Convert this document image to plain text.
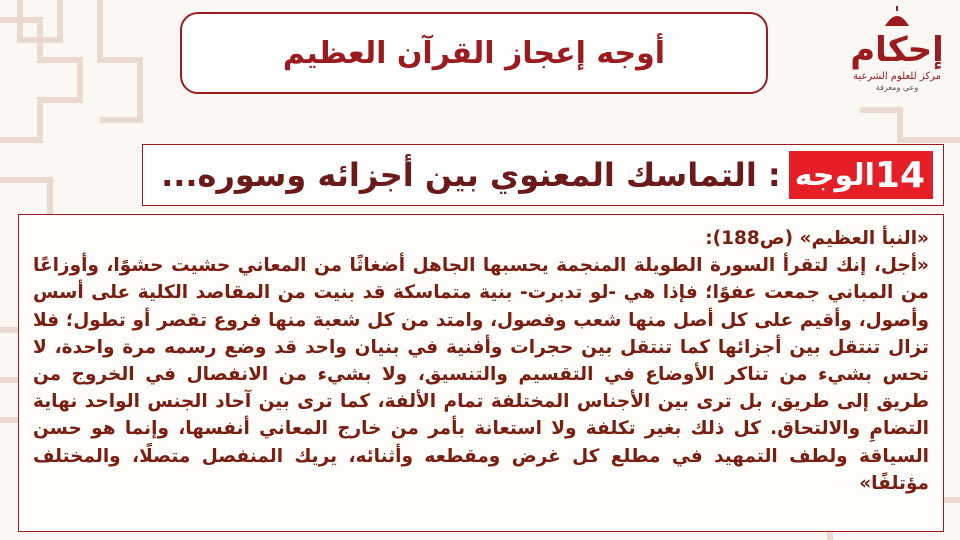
إحكام
مركز للعلوم الشرعية
وعي ومعرفة
أوجه إعجاز القرآن العظيم
الوجه 14
: التماسك المعنوي بين أجزائه وسوره...

«النبأ العظيم» (ص188):
«أجل، إنك لتقرأ السورة الطويلة المنجمة يحسبها الجاهل أضغاثًا من المعاني حشيت حشوًا، وأوزاعًا من المباني جمعت عفوًا؛ فإذا هي -لو تدبرت- بنية متماسكة قد بنيت من المقاصد الكلية على أسس وأصول، وأقيم على كل أصل منها شعب وفصول، وامتد من كل شعبة منها فروع تقصر أو تطول؛ فلا تزال تنتقل بين أجزائها كما تنتقل بين حجرات وأفنية في بنيان واحد قد وضع رسمه مرة واحدة، لا تحس بشيء من تناكر الأوضاع في التقسيم والتنسيق، ولا بشيء من الانفصال في الخروج من طريق إلى طريق، بل ترى بين الأجناس المختلفة تمام الألفة، كما ترى بين آحاد الجنس الواحد نهاية التضامِ والالتحاق. كل ذلك بغير تكلفة ولا استعانة بأمر من خارج المعاني أنفسها، وإنما هو حسن السياقة ولطف التمهيد في مطلع كل غرض ومقطعه وأثنائه، يريك المنفصل متصلًا، والمختلف مؤتلفًا»
